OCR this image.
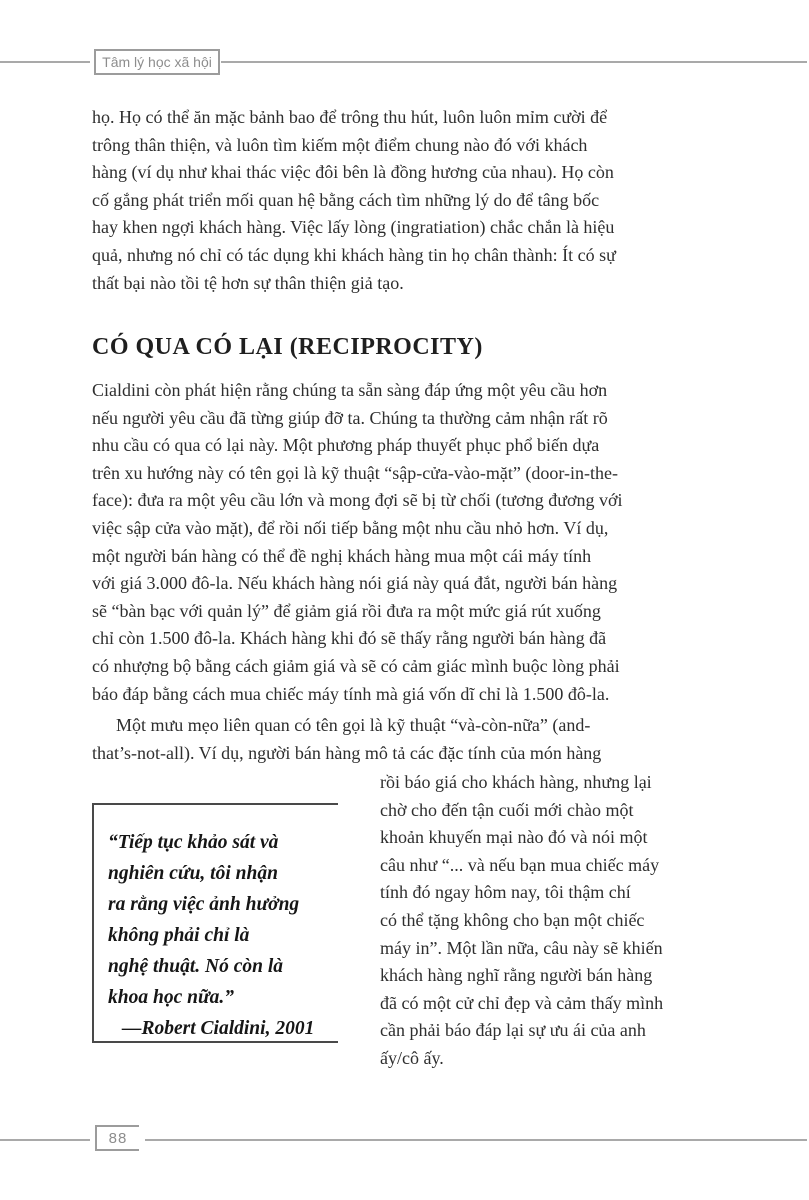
Tâm lý học xã hội
họ. Họ có thể ăn mặc bảnh bao để trông thu hút, luôn luôn mỉm cười để
trông thân thiện, và luôn tìm kiếm một điểm chung nào đó với khách
hàng (ví dụ như khai thác việc đôi bên là đồng hương của nhau). Họ còn
cố gắng phát triển mối quan hệ bằng cách tìm những lý do để tâng bốc
hay khen ngợi khách hàng. Việc lấy lòng (ingratiation) chắc chắn là hiệu
quả, nhưng nó chỉ có tác dụng khi khách hàng tin họ chân thành: Ít có sự
thất bại nào tồi tệ hơn sự thân thiện giả tạo.
CÓ QUA CÓ LẠI (RECIPROCITY)
Cialdini còn phát hiện rằng chúng ta sẵn sàng đáp ứng một yêu cầu hơn
nếu người yêu cầu đã từng giúp đỡ ta. Chúng ta thường cảm nhận rất rõ
nhu cầu có qua có lại này. Một phương pháp thuyết phục phổ biến dựa
trên xu hướng này có tên gọi là kỹ thuật “sập-cửa-vào-mặt” (door-in-the-
face): đưa ra một yêu cầu lớn và mong đợi sẽ bị từ chối (tương đương với
việc sập cửa vào mặt), để rồi nối tiếp bằng một nhu cầu nhỏ hơn. Ví dụ,
một người bán hàng có thể đề nghị khách hàng mua một cái máy tính
với giá 3.000 đô-la. Nếu khách hàng nói giá này quá đắt, người bán hàng
sẽ “bàn bạc với quản lý” để giảm giá rồi đưa ra một mức giá rút xuống
chỉ còn 1.500 đô-la. Khách hàng khi đó sẽ thấy rằng người bán hàng đã
có nhượng bộ bằng cách giảm giá và sẽ có cảm giác mình buộc lòng phải
báo đáp bằng cách mua chiếc máy tính mà giá vốn dĩ chỉ là 1.500 đô-la.
Một mưu mẹo liên quan có tên gọi là kỹ thuật “và-còn-nữa” (and-
that’s-not-all). Ví dụ, người bán hàng mô tả các đặc tính của món hàng
rồi báo giá cho khách hàng, nhưng lại
chờ cho đến tận cuối mới chào một
khoản khuyến mại nào đó và nói một
câu như “... và nếu bạn mua chiếc máy
tính đó ngay hôm nay, tôi thậm chí
có thể tặng không cho bạn một chiếc
máy in”. Một lần nữa, câu này sẽ khiến
khách hàng nghĩ rằng người bán hàng
đã có một cử chỉ đẹp và cảm thấy mình
cần phải báo đáp lại sự ưu ái của anh
ấy/cô ấy.
“Tiếp tục khảo sát và
nghiên cứu, tôi nhận
ra rằng việc ảnh hưởng
không phải chỉ là
nghệ thuật. Nó còn là
khoa học nữa.”
—Robert Cialdini, 2001
88
